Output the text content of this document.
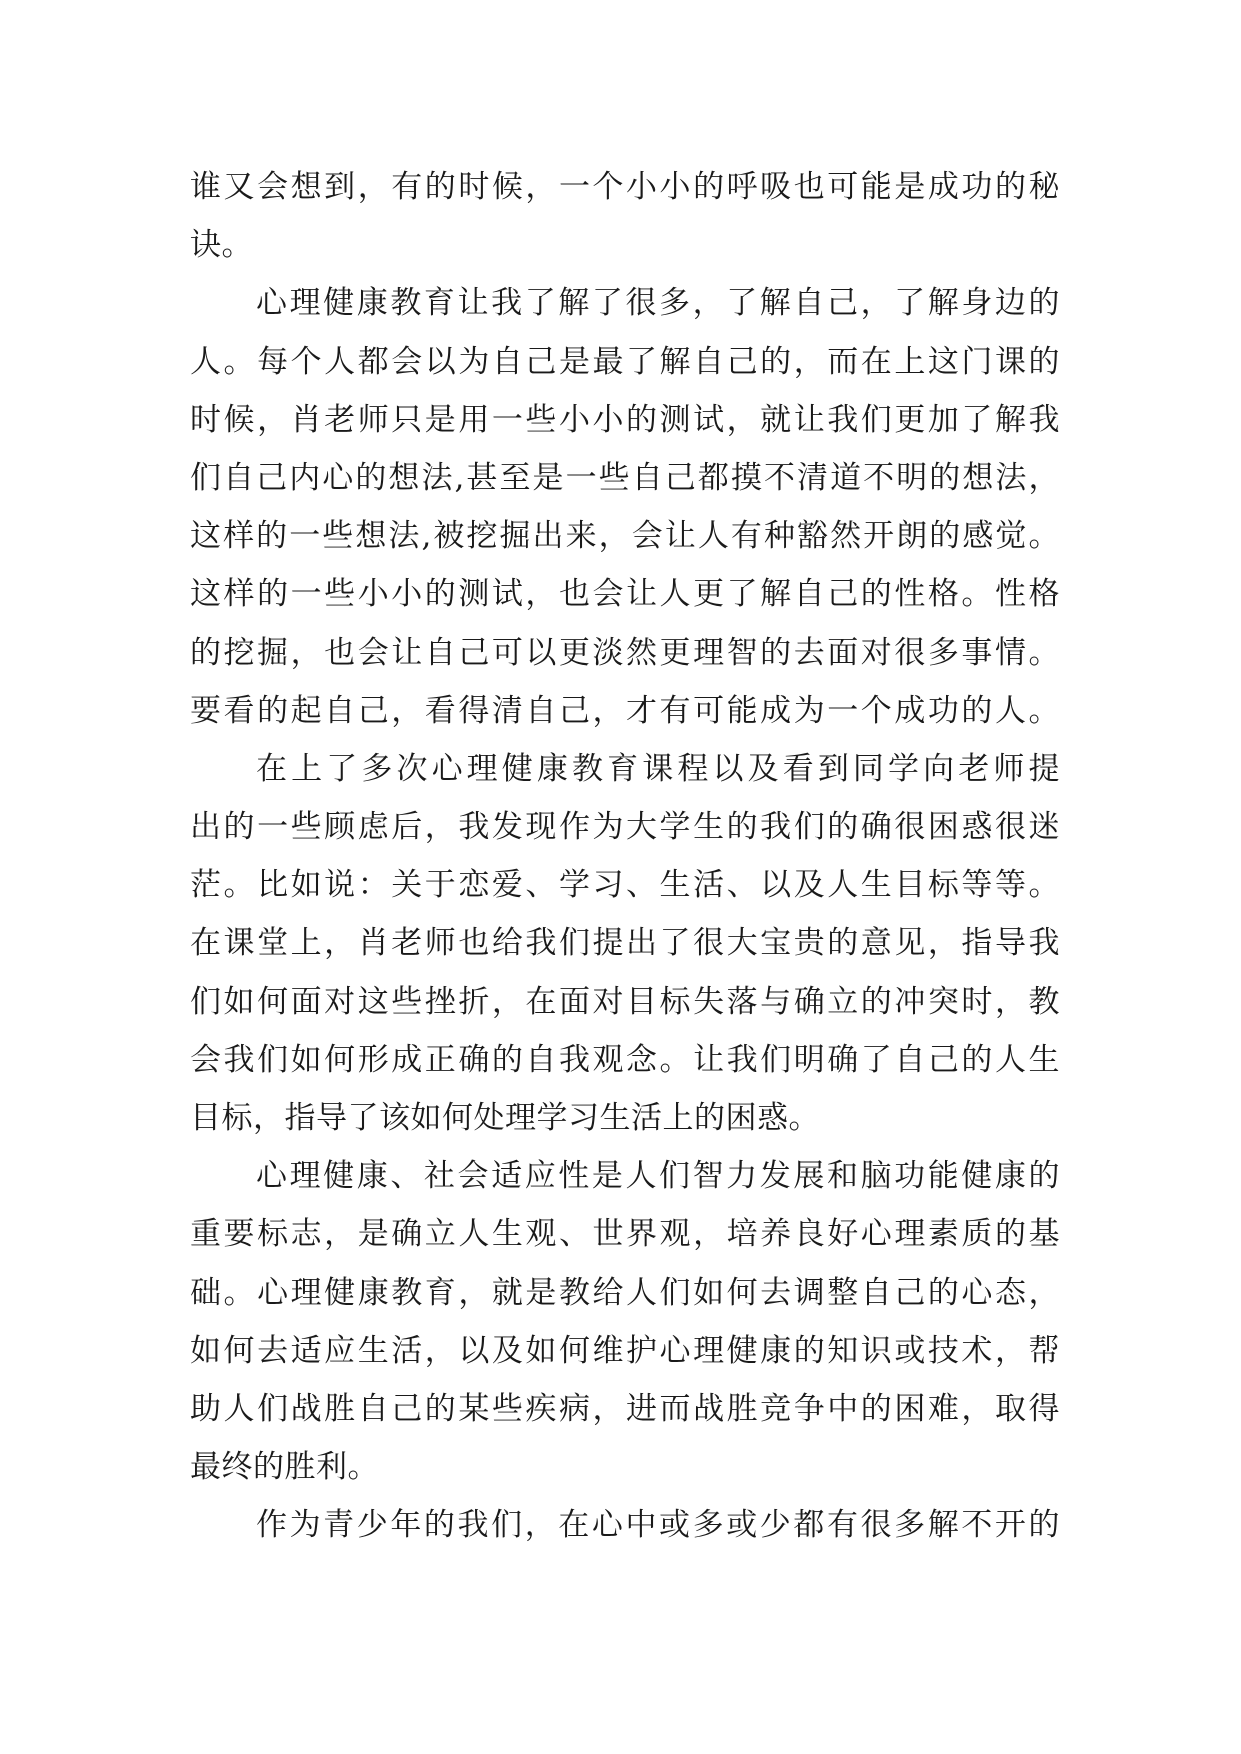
谁又会想到，有的时候，一个小小的呼吸也可能是成功的秘
诀。
心理健康教育让我了解了很多，了解自己，了解身边的
人。每个人都会以为自己是最了解自己的，而在上这门课的
时候，肖老师只是用一些小小的测试，就让我们更加了解我
们自己内心的想法,甚至是一些自己都摸不清道不明的想法，
这样的一些想法,被挖掘出来，会让人有种豁然开朗的感觉。
这样的一些小小的测试，也会让人更了解自己的性格。性格
的挖掘，也会让自己可以更淡然更理智的去面对很多事情。
要看的起自己，看得清自己，才有可能成为一个成功的人。
在上了多次心理健康教育课程以及看到同学向老师提
出的一些顾虑后，我发现作为大学生的我们的确很困惑很迷
茫。比如说：关于恋爱、学习、生活、以及人生目标等等。
在课堂上，肖老师也给我们提出了很大宝贵的意见，指导我
们如何面对这些挫折，在面对目标失落与确立的冲突时，教
会我们如何形成正确的自我观念。让我们明确了自己的人生
目标，指导了该如何处理学习生活上的困惑。
心理健康、社会适应性是人们智力发展和脑功能健康的
重要标志，是确立人生观、世界观，培养良好心理素质的基
础。心理健康教育，就是教给人们如何去调整自己的心态，
如何去适应生活，以及如何维护心理健康的知识或技术，帮
助人们战胜自己的某些疾病，进而战胜竞争中的困难，取得
最终的胜利。
作为青少年的我们，在心中或多或少都有很多解不开的
